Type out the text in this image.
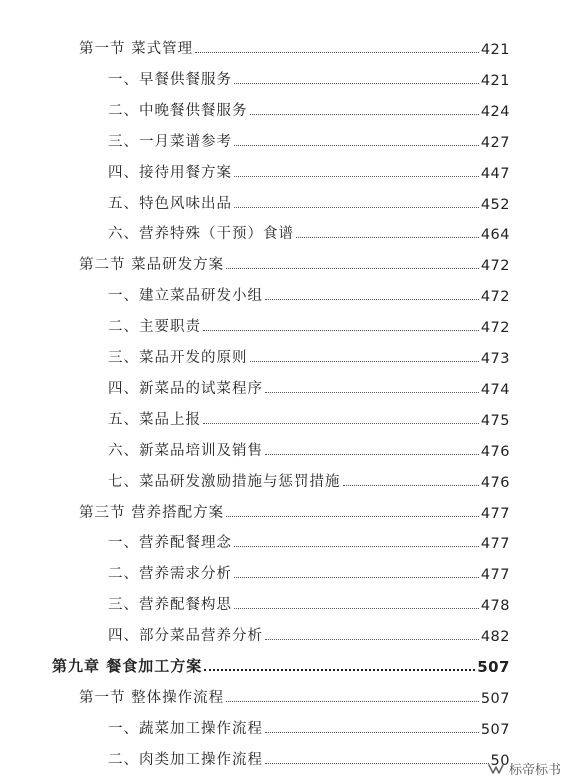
第一节 菜式管理	421
一、早餐供餐服务	421
二、中晚餐供餐服务	424
三、一月菜谱参考	427
四、接待用餐方案	447
五、特色风味出品	452
六、营养特殊（干预）食谱	464
第二节 菜品研发方案	472
一、建立菜品研发小组	472
二、主要职责	472
三、菜品开发的原则	473
四、新菜品的试菜程序	474
五、菜品上报	475
六、新菜品培训及销售	476
七、菜品研发激励措施与惩罚措施	476
第三节 营养搭配方案	477
一、营养配餐理念	477
二、营养需求分析	477
三、营养配餐构思	478
四、部分菜品营养分析	482
第九章 餐食加工方案	507
第一节 整体操作流程	507
一、蔬菜加工操作流程	507
二、肉类加工操作流程	50
标帝标书
